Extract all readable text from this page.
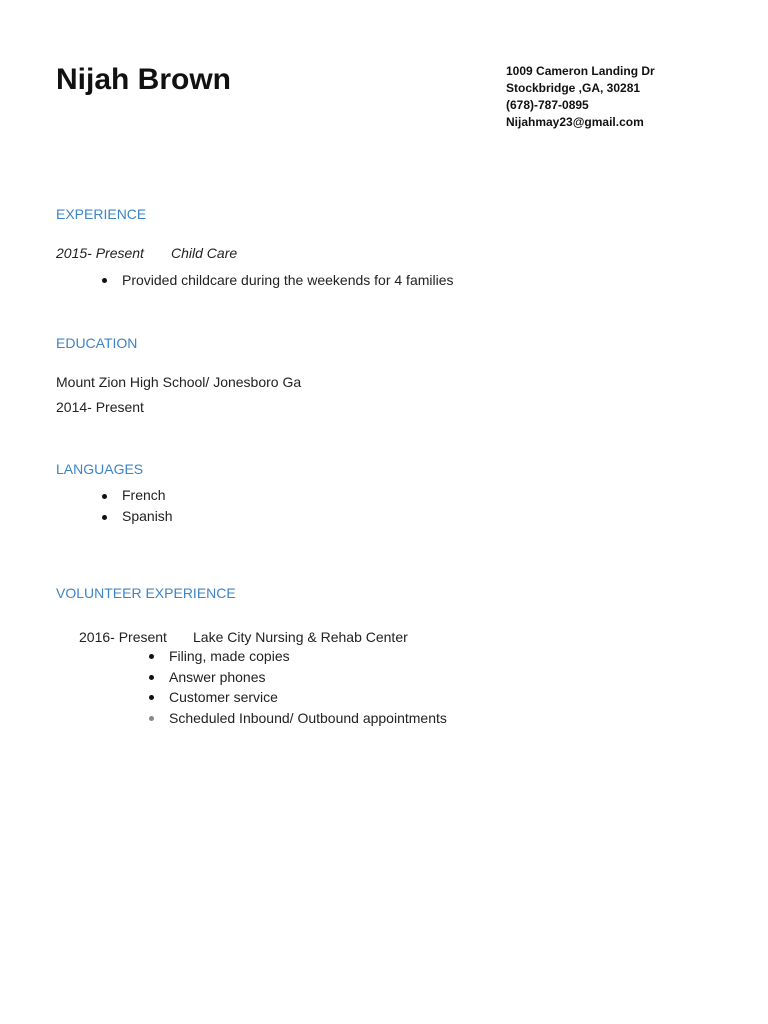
Nijah Brown	1009 Cameron Landing Dr
Stockbridge ,GA, 30281
(678)-787-0895
Nijahmay23@gmail.com
EXPERIENCE
2015- Present Child Care
Provided childcare during the weekends for 4 families
EDUCATION
Mount Zion High School/ Jonesboro Ga
2014- Present
LANGUAGES
French
Spanish
VOLUNTEER EXPERIENCE
2016- Present Lake City Nursing & Rehab Center
Filing, made copies
Answer phones
Customer service
Scheduled Inbound/ Outbound appointments
